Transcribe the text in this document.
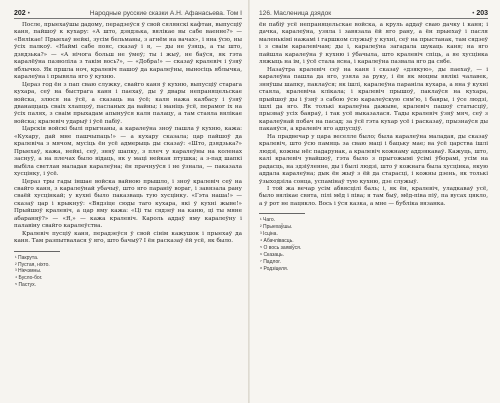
202 •	Народные русские сказки А.Н. Афанасьева. Том I

После, прыехаўшы дадому, перадзеўся ў свой сялянскі кафтан, выпусціў каня, пайшоў к кухару: «А што, дзядзька, вялікае вы сабе ваенне?» — «Вялікае! Прыехаў нейкі, зусім бельманы, з агнём на вачах», і яна ўсю, ны ўсіх палкоў. «Наймі сабе пояс, сказаў і я, — ды не ўзяць, а ты што, дзядзька?» — «А нічога больш не ўмеў; ты і жыў, не баўся, як гэта каралёўна пазволіла з такім вось?», — «Добра!» — сказаў кралевіч і ўзяў яблычко. Як пршла ноч, кралевіч пашоў да каралеўны, выносіць яблычка, каралеўна і прывяла яго ў кухню.

Цераз год ён з пап сваю служку, свайго каня ў кухню, выпусціў старага кухара, сеў на быстрага каня і паехаў, ды ў двары непраняцельскае войска, злюся на ўсё, а сказаць на ўсё; каля нажа калбасу і ўзяў дванаццаць сваіх хлапцоў, пасланых да вайны; і маніць ўсё, перамог іх на ўсіх палях, з сваім прыхадам апынуўся каля палацу, а там стаяла вялікае войска; кралевіч ударыў і ўсё пабіў.

Царскія войскі былі прыгнаны, а каралеўна зноў пашла ў кухню, кажа: «Кухару, дай мне пашчыпаць!» — а кухару сказала; цар пайшоў да кралевіча з мячом, мусіць ён усё адмерыць ды сказаў: «Што, дзядзька?» Прыехаў, кажа, нейкі, сеў, зняў шапку, з плеч у каралеўны на коленах заснуў, а на плечах было відаць, як у маці нейкая птушка; а з-пад шапкі выбіла светлая маладая каралеўна; ён прачнуўся і не ўзнала, — паказала хусцінку, і ўсё.

Цераз тры гады іншае войска вайною прышло, і зноў кралевіч сеў на свайго каня, з каралеўнай убачыў, што яго параніў вораг, і завязала рану сваёй хусцінкай; у кухні было паказваць тую хусцінку. «Гэта наша!» — сказаў цар і крыкнуў: «Вядзіце сюды таго кухара, які ў кухні жыве!» Прыйшоў кралевіч, а цар яму кажа: «Ці ты сядзеў на каню, ці ты мяне абараняў?» — «Я,» — кажа кралевіч. Кароль аддаў яму каралеўну і палавіну свайго каралеўства.

Кралевіч пусціў каня, перадзеўся ў свой сінім кажушок і прыехаў да каня. Там разпытвалася ў яго, што бачыў? І ён расказаў ёй усё, як было.

¹ Пакрута.
² Пустая, ніхто.
³ Нікчэмны.
⁴ Бусло-бог.
⁵ Пастух.
126. Масленица дзядок	• 203

ён пабіў усё непраняцельскае войска, а круль аддаў сваю дачку і каня; і дачка, каралеўна, узяла і завязала ёй яго рану, а ён прыехаў і пасля маленькімі нажамі і гаршком служыў у кухні, сеў на прыстанак, там сядзеў і з сваім каралевічам; ды і, каралеўна загадала шукаць каня; на яго пайшла каралеўна ў кухню і ўбачыла, што кралевіч спіць, а яе хусцінка ляжыць на ім, і ўсё стала ясна, і каралеўна пазвала яго да сябе.

Назаўтра кралевіч сеў на каня і сказаў «дзякую», ды паехаў, — і каралеўна пашла да яго, узяла за руку, і ён як моцны вялікі чалавек, зняўшы шапку, паклаўся; як ішлі, каралеўна параніла кухара, а яна ў кухні стаяла, кралевіча клікала; і кралевіч прышоў, паклаўся на кухара, прыйшоў ды і ўзяў з сабою ўсю каралеўскую сям’ю, і баяры, і ўсе людзі, ішлі да яго. Як толькі каралеўна дажыве, кралевіч пашоў статысціў, прызваў усіх баяраў, і так усё выказалася. Тады кралевіч ўзяў мяч, сеў з каралеўнай побач на пасад; за ўсё гэта кухар усё і расказаў, прызнаўся ды пакаяўся, а кралевіч яго адпусціў.

На прадвечар у цара веселле было; была каралеўна маладая, ды сказаў кралевіч, што ўсю памяць за сваю маці і бацьку мае; ва ўсё царства ішлі людзі, кожны нёс падарунак, а кралевіч кожнаму аддзякаваў. Кажуць, што, калі кралевіч увайшоў, гэта было з прыгожымі ўсімі ўборамі, усім на радасць, на здзіўленне, ды і былі людзі, што ў кожнага была хусцінка, якую аддала каралеўна; дык ён жыў з ёй да старасці, і кожны дзень, як толькі ўзыходзіла сонца, успамінаў тую кухню, дзе служыў.

І той жа вечар усім абвясцілі баль; і, як ён, кралевіч, уладкаваў усё, было вялікае свята, пілі мёд і піва; я там быў, мёд-піва піў, па вусах цякло, а ў рот не пацякло. Вось і ўся казка, а мне — бубліка вязанка.

¹ Чаго.
² Прыехаўшы.
³ Ісціна.
⁴ Абачлівасць.
⁵ О вось заявіўся.
⁶ Сказаць.
⁷ Падлог.
⁸ Родзіцеля.
